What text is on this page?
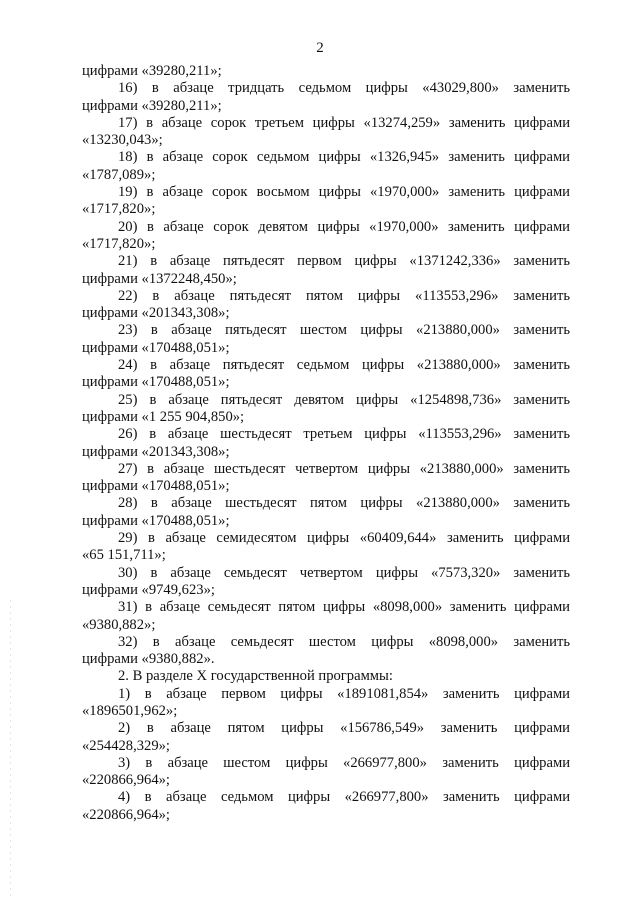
2
цифрами «39280,211»;
16) в абзаце тридцать седьмом цифры «43029,800» заменить
цифрами «39280,211»;
17) в абзаце сорок третьем цифры «13274,259» заменить цифрами
«13230,043»;
18) в абзаце сорок седьмом цифры «1326,945» заменить цифрами
«1787,089»;
19) в абзаце сорок восьмом цифры «1970,000» заменить цифрами
«1717,820»;
20) в абзаце сорок девятом цифры «1970,000» заменить цифрами
«1717,820»;
21) в абзаце пятьдесят первом цифры «1371242,336» заменить
цифрами «1372248,450»;
22) в абзаце пятьдесят пятом цифры «113553,296» заменить
цифрами «201343,308»;
23) в абзаце пятьдесят шестом цифры «213880,000» заменить
цифрами «170488,051»;
24) в абзаце пятьдесят седьмом цифры «213880,000» заменить
цифрами «170488,051»;
25) в абзаце пятьдесят девятом цифры «1254898,736» заменить
цифрами «1 255 904,850»;
26) в абзаце шестьдесят третьем цифры «113553,296» заменить
цифрами «201343,308»;
27) в абзаце шестьдесят четвертом цифры «213880,000» заменить
цифрами «170488,051»;
28) в абзаце шестьдесят пятом цифры «213880,000» заменить
цифрами «170488,051»;
29) в абзаце семидесятом цифры «60409,644» заменить цифрами
«65 151,711»;
30) в абзаце семьдесят четвертом цифры «7573,320» заменить
цифрами «9749,623»;
31) в абзаце семьдесят пятом цифры «8098,000» заменить цифрами
«9380,882»;
32) в абзаце семьдесят шестом цифры «8098,000» заменить
цифрами «9380,882».
2. В разделе X государственной программы:
1) в абзаце первом цифры «1891081,854» заменить цифрами
«1896501,962»;
2) в абзаце пятом цифры «156786,549» заменить цифрами
«254428,329»;
3) в абзаце шестом цифры «266977,800» заменить цифрами
«220866,964»;
4) в абзаце седьмом цифры «266977,800» заменить цифрами
«220866,964»;
